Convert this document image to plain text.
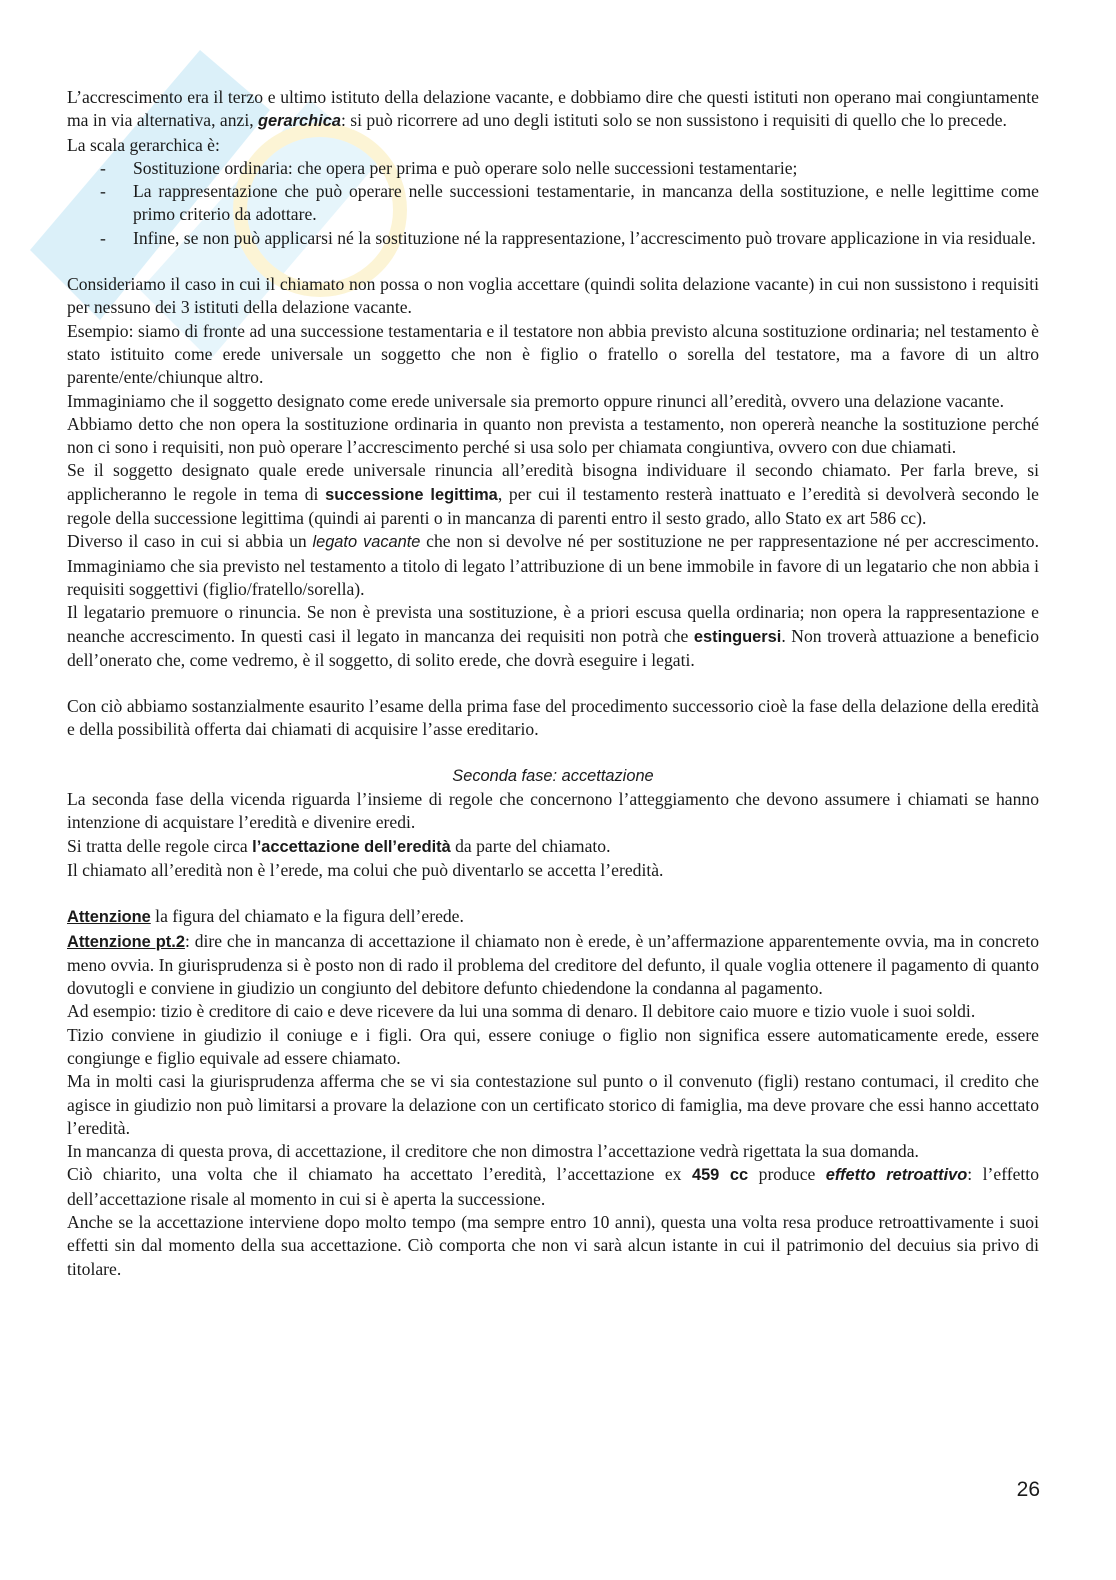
L’accrescimento era il terzo e ultimo istituto della delazione vacante, e dobbiamo dire che questi istituti non operano mai congiuntamente ma in via alternativa, anzi, gerarchica: si può ricorrere ad uno degli istituti solo se non sussistono i requisiti di quello che lo precede.

La scala gerarchica è:

- Sostituzione ordinaria: che opera per prima e può operare solo nelle successioni testamentarie;
- La rappresentazione che può operare nelle successioni testamentarie, in mancanza della sostituzione, e nelle legittime come primo criterio da adottare.
- Infine, se non può applicarsi né la sostituzione né la rappresentazione, l’accrescimento può trovare applicazione in via residuale.

Consideriamo il caso in cui il chiamato non possa o non voglia accettare (quindi solita delazione vacante) in cui non sussistono i requisiti per nessuno dei 3 istituti della delazione vacante.

Esempio: siamo di fronte ad una successione testamentaria e il testatore non abbia previsto alcuna sostituzione ordinaria; nel testamento è stato istituito come erede universale un soggetto che non è figlio o fratello o sorella del testatore, ma a favore di un altro parente/ente/chiunque altro.

Immaginiamo che il soggetto designato come erede universale sia premorto oppure rinunci all’eredità, ovvero una delazione vacante.

Abbiamo detto che non opera la sostituzione ordinaria in quanto non prevista a testamento, non opererà neanche la sostituzione perché non ci sono i requisiti, non può operare l’accrescimento perché si usa solo per chiamata congiuntiva, ovvero con due chiamati.

Se il soggetto designato quale erede universale rinuncia all’eredità bisogna individuare il secondo chiamato. Per farla breve, si applicheranno le regole in tema di successione legittima, per cui il testamento resterà inattuato e l’eredità si devolverà secondo le regole della successione legittima (quindi ai parenti o in mancanza di parenti entro il sesto grado, allo Stato ex art 586 cc).

Diverso il caso in cui si abbia un legato vacante che non si devolve né per sostituzione ne per rappresentazione né per accrescimento. Immaginiamo che sia previsto nel testamento a titolo di legato l’attribuzione di un bene immobile in favore di un legatario che non abbia i requisiti soggettivi (figlio/fratello/sorella).

Il legatario premuore o rinuncia. Se non è prevista una sostituzione, è a priori escusa quella ordinaria; non opera la rappresentazione e neanche accrescimento. In questi casi il legato in mancanza dei requisiti non potrà che estinguersi. Non troverà attuazione a beneficio dell’onerato che, come vedremo, è il soggetto, di solito erede, che dovrà eseguire i legati.

Con ciò abbiamo sostanzialmente esaurito l’esame della prima fase del procedimento successorio cioè la fase della delazione della eredità e della possibilità offerta dai chiamati di acquisire l’asse ereditario.

Seconda fase: accettazione

La seconda fase della vicenda riguarda l’insieme di regole che concernono l’atteggiamento che devono assumere i chiamati se hanno intenzione di acquistare l’eredità e divenire eredi.

Si tratta delle regole circa l’accettazione dell’eredità da parte del chiamato.

Il chiamato all’eredità non è l’erede, ma colui che può diventarlo se accetta l’eredità.

Attenzione la figura del chiamato e la figura dell’erede.

Attenzione pt.2: dire che in mancanza di accettazione il chiamato non è erede, è un’affermazione apparentemente ovvia, ma in concreto meno ovvia. In giurisprudenza si è posto non di rado il problema del creditore del defunto, il quale voglia ottenere il pagamento di quanto dovutogli e conviene in giudizio un congiunto del debitore defunto chiedendone la condanna al pagamento.

Ad esempio: tizio è creditore di caio e deve ricevere da lui una somma di denaro. Il debitore caio muore e tizio vuole i suoi soldi.

Tizio conviene in giudizio il coniuge e i figli. Ora qui, essere coniuge o figlio non significa essere automaticamente erede, essere congiunge e figlio equivale ad essere chiamato.

Ma in molti casi la giurisprudenza afferma che se vi sia contestazione sul punto o il convenuto (figli) restano contumaci, il credito che agisce in giudizio non può limitarsi a provare la delazione con un certificato storico di famiglia, ma deve provare che essi hanno accettato l’eredità.

In mancanza di questa prova, di accettazione, il creditore che non dimostra l’accettazione vedrà rigettata la sua domanda.

Ciò chiarito, una volta che il chiamato ha accettato l’eredità, l’accettazione ex 459 cc produce effetto retroattivo: l’effetto dell’accettazione risale al momento in cui si è aperta la successione.

Anche se la accettazione interviene dopo molto tempo (ma sempre entro 10 anni), questa una volta resa produce retroattivamente i suoi effetti sin dal momento della sua accettazione. Ciò comporta che non vi sarà alcun istante in cui il patrimonio del decuius sia privo di titolare.

26
